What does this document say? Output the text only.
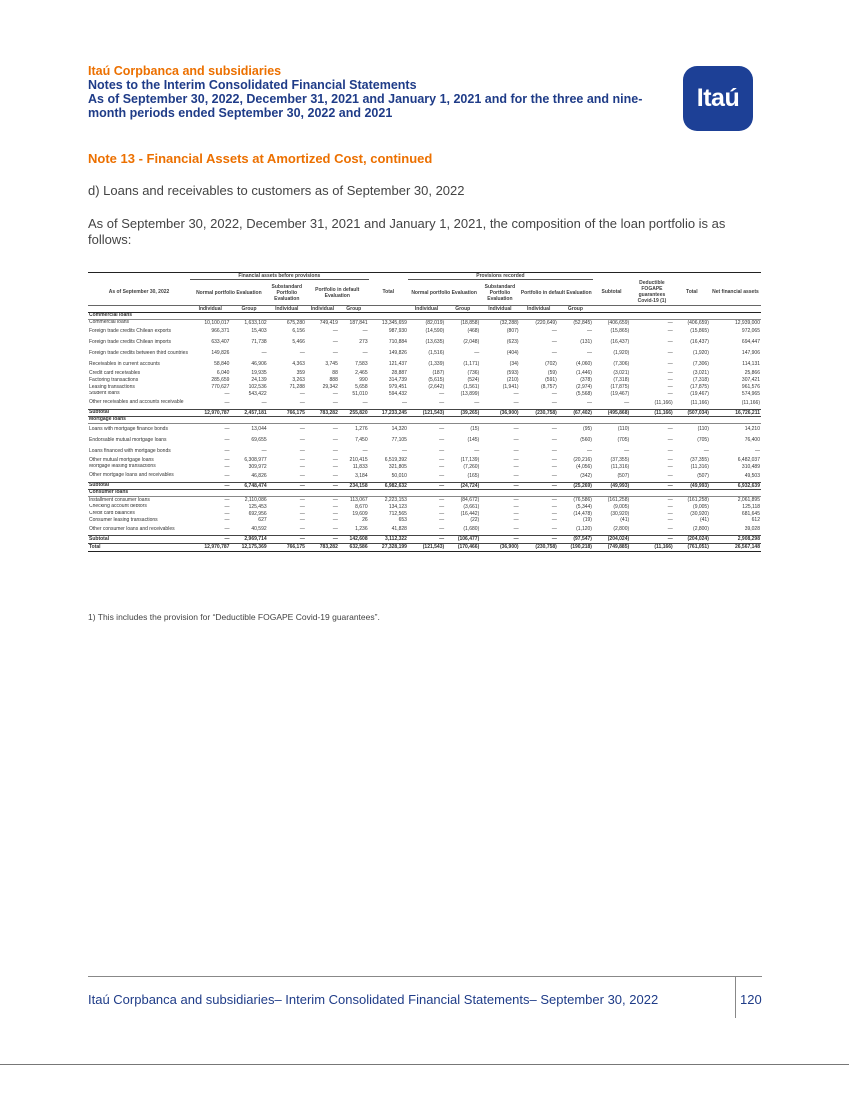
Itaú Corpbanca and subsidiaries
Notes to the Interim Consolidated Financial Statements
As of September 30, 2022, December 31, 2021 and January 1, 2021 and for the three and nine-month periods ended September 30, 2022 and 2021
Itaú
Note 13 - Financial Assets at Amortized Cost, continued
d) Loans and receivables to customers as of September 30, 2022
As of September 30, 2022, December 31, 2021 and January 1, 2021, the composition of the loan portfolio is as follows:
	Financial assets before provisions						Provisions recorded								
As of September 30, 2022	Normal portfolio Evaluation		Substandard Portfolio Evaluation	Portfolio in default Evaluation		Total	Normal portfolio Evaluation		Substandard Portfolio Evaluation	Portfolio in default Evaluation		Subtotal	Deductible FOGAPE guarantees Covid-19 (1)	Total	Net financial assets
	Individual	Group	Individual	Individual	Group		Individual	Group	Individual	Individual	Group				
Commercial loans															
Commercial loans	10,100,017	1,633,102	675,280	749,419	187,841	13,345,659	(82,019)	(18,858)	(32,288)	(220,649)	(52,845)	(406,659)	—	(406,659)	12,939,000
Foreign trade credits Chilean exports	966,371	15,403	6,156	—	—	987,930	(14,590)	(468)	(807)	—	—	(15,865)	—	(15,865)	972,065
Foreign trade credits Chilean imports	633,407	71,738	5,466	—	273	710,884	(13,635)	(2,048)	(623)	—	(131)	(16,437)	—	(16,437)	694,447
Foreign trade credits between third countries	149,826	—	—	—	—	149,826	(1,516)	—	(404)	—	—	(1,920)	—	(1,920)	147,906
Receivables in current accounts	58,840	46,906	4,363	3,745	7,583	121,437	(1,339)	(1,171)	(34)	(702)	(4,060)	(7,306)	—	(7,306)	114,131
Credit card receivables	6,040	19,935	359	88	2,465	28,887	(187)	(736)	(593)	(59)	(1,446)	(3,021)	—	(3,021)	25,866
Factoring transactions	285,659	24,139	3,263	888	990	314,739	(5,615)	(524)	(210)	(591)	(378)	(7,318)	—	(7,318)	307,421
Leasing transactions	770,627	102,536	71,288	29,342	5,658	979,451	(2,642)	(1,561)	(1,941)	(8,757)	(2,974)	(17,875)	—	(17,875)	961,576
Student loans	—	543,422	—	—	51,010	594,432	—	(13,899)	—	—	(5,568)	(19,467)	—	(19,467)	574,965
Other receivables and accounts receivable	—	—	—	—	—	—	—	—	—	—	—	—	(11,166)	(11,166)	(11,166)
Subtotal	12,970,787	2,457,181	766,175	783,282	255,820	17,233,245	(121,543)	(39,265)	(36,900)	(230,758)	(67,402)	(495,868)	(11,166)	(507,034)	16,726,211
Mortgage loans															
Loans with mortgage finance bonds	—	13,044	—	—	1,276	14,320	—	(15)	—	—	(95)	(110)	—	(110)	14,210
Endorsable mutual mortgage loans	—	69,655	—	—	7,450	77,105	—	(145)	—	—	(560)	(705)	—	(705)	76,400
Loans financed with mortgage bonds	—	—	—	—	—	—	—	—	—	—	—	—	—	—	—
Other mutual mortgage loans	—	6,308,977	—	—	210,415	6,519,392	—	(17,139)	—	—	(20,216)	(37,355)	—	(37,355)	6,482,037
Mortgage leasing transactions	—	309,972	—	—	11,833	321,805	—	(7,260)	—	—	(4,056)	(11,316)	—	(11,316)	310,489
Other mortgage loans and receivables	—	46,826	—	—	3,184	50,010	—	(165)	—	—	(342)	(507)	—	(507)	49,503
Subtotal	—	6,748,474	—	—	234,158	6,982,632	—	(24,724)	—	—	(25,269)	(49,993)	—	(49,993)	6,932,639
Consumer loans															
Installment consumer loans	—	2,110,086	—	—	113,067	2,223,153	—	(84,672)	—	—	(76,586)	(161,258)	—	(161,258)	2,061,895
Checking account debtors	—	125,453	—	—	8,670	134,123	—	(3,661)	—	—	(5,344)	(9,005)	—	(9,005)	125,118
Credit card balances	—	692,956	—	—	19,609	712,565	—	(16,442)	—	—	(14,478)	(30,920)	—	(30,920)	681,645
Consumer leasing transactions	—	627	—	—	26	653	—	(22)	—	—	(19)	(41)	—	(41)	612
Other consumer loans and receivables	—	40,592	—	—	1,236	41,828	—	(1,680)	—	—	(1,120)	(2,800)	—	(2,800)	39,028
Subtotal	—	2,969,714	—	—	142,608	3,112,322	—	(106,477)	—	—	(97,547)	(204,024)	—	(204,024)	2,908,298
Total	12,970,787	12,175,369	766,175	783,282	632,586	27,328,199	(121,543)	(170,466)	(36,900)	(230,758)	(190,218)	(749,885)	(11,166)	(761,051)	26,567,148
1) This includes the provision for “Deductible FOGAPE Covid-19 guarantees”.
Itaú Corpbanca and subsidiaries– Interim Consolidated Financial Statements– September 30, 2022	120
